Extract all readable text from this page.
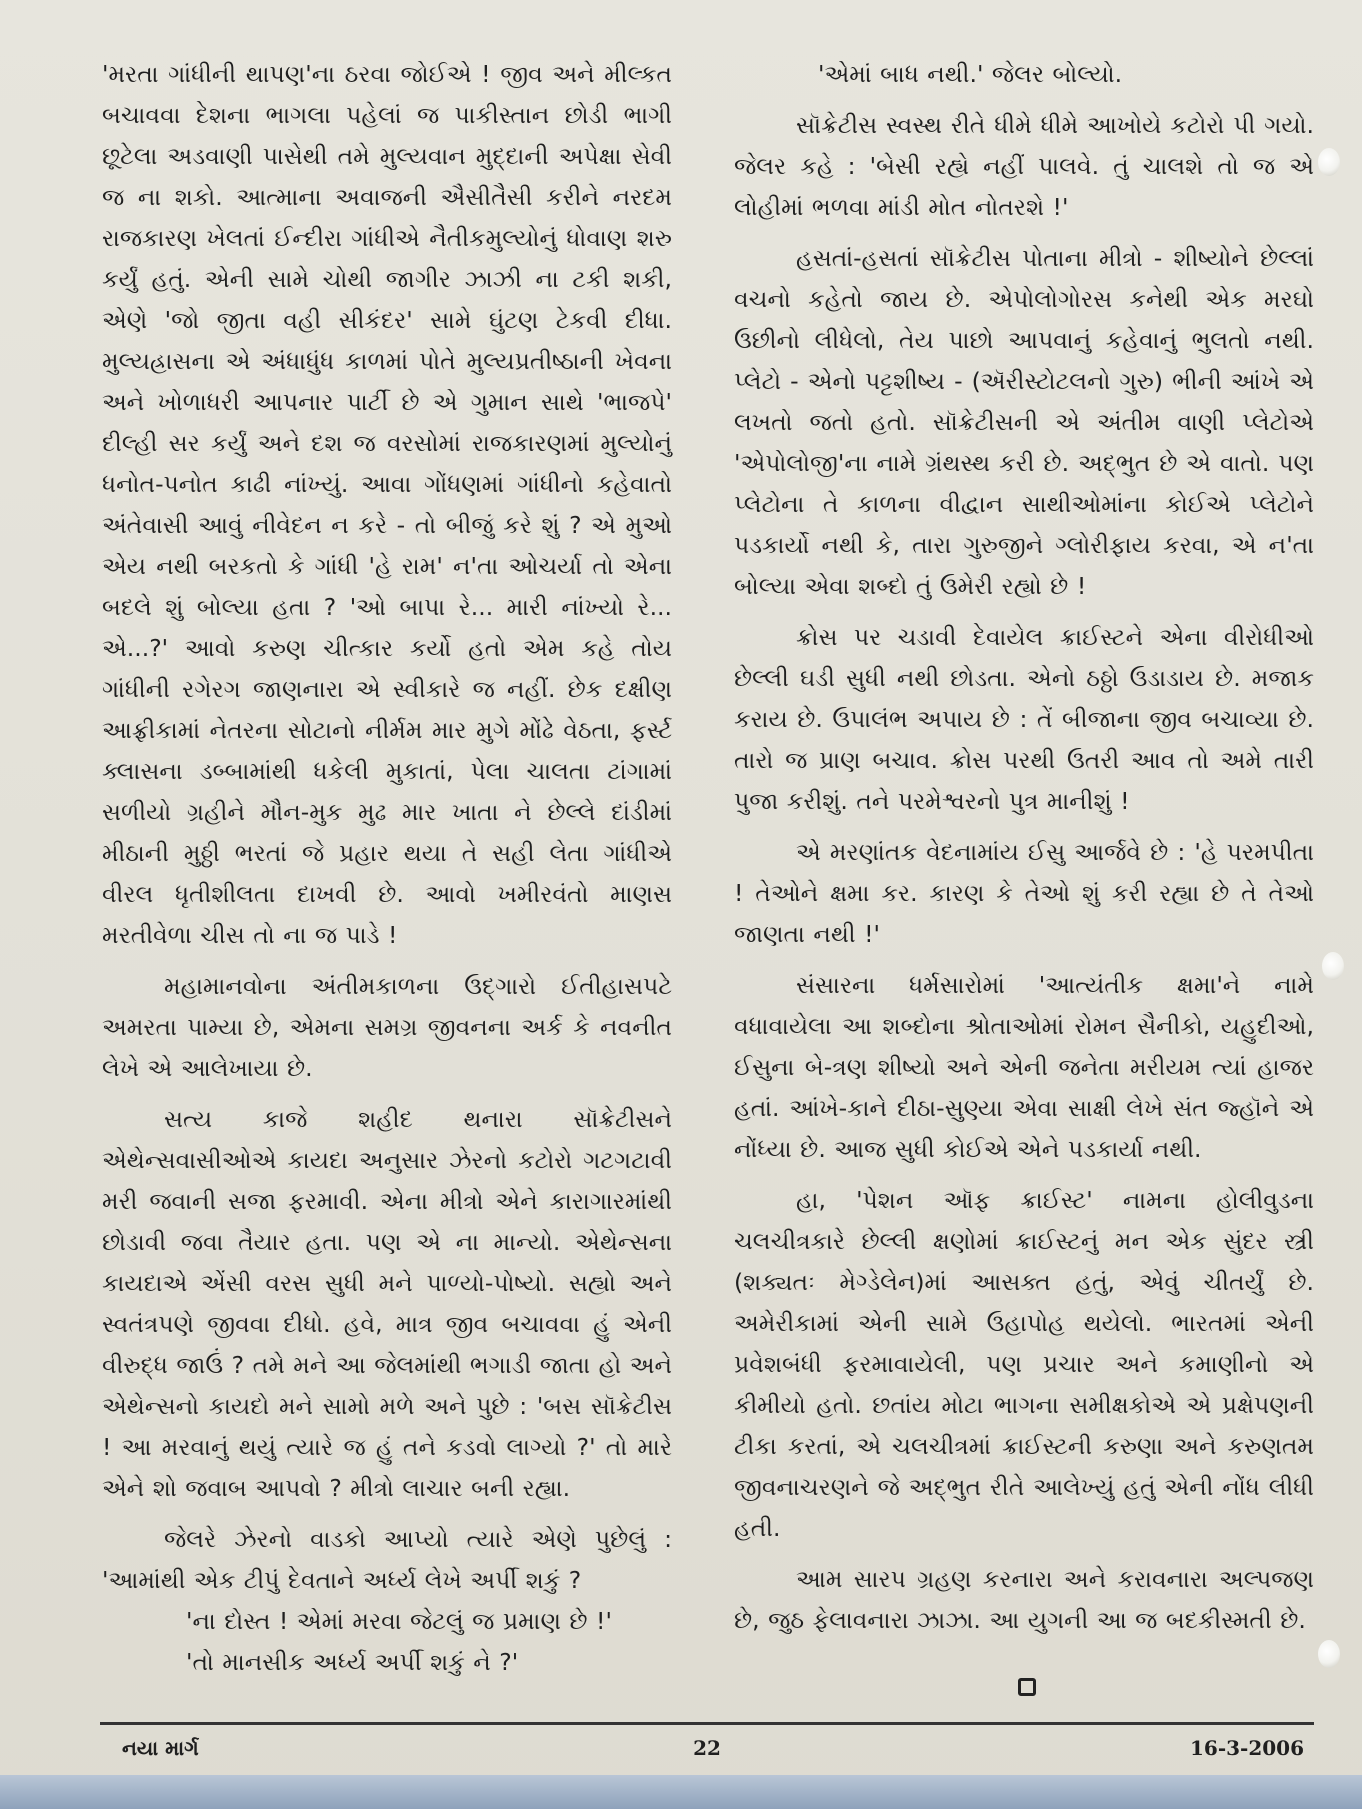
'મરતા ગાંધીની થાપણ'ના ઠરવા જોઈએ ! જીવ અને મીલ્કત બચાવવા દેશના ભાગલા પહેલાં જ પાકીસ્તાન છોડી ભાગી છૂટેલા અડવાણી પાસેથી તમે મુલ્યવાન મુદ્દાની અપેક્ષા સેવી જ ના શકો. આત્માના અવાજની ઐસીતૈસી કરીને નરદમ રાજકારણ ખેલતાં ઈન્દીરા ગાંધીએ નૈતીકમુલ્યોનું ધોવાણ શરુ કર્યું હતું. એની સામે ચોથી જાગીર ઝાઝી ના ટકી શકી, એણે 'જો જીતા વહી સીકંદર' સામે ઘુંટણ ટેકવી દીધા. મુલ્યહ્રાસના એ અંધાધુંધ કાળમાં પોતે મુલ્યપ્રતીષ્ઠાની ખેવના અને ખોળાધરી આપનાર પાર્ટી છે એ ગુમાન સાથે 'ભાજપે' દીલ્હી સર કર્યું અને દશ જ વરસોમાં રાજકારણમાં મુલ્યોનું ધનોત-પનોત કાઢી નાંખ્યું. આવા ગોંધણમાં ગાંધીનો કહેવાતો અંતેવાસી આવું નીવેદન ન કરે - તો બીજું કરે શું ? એ મુઓ એય નથી બરકતો કે ગાંધી 'હે રામ' ન'તા ઓચર્યા તો એના બદલે શું બોલ્યા હતા ? 'ઓ બાપા રે... મારી નાંખ્યો રે... એ...?' આવો કરુણ ચીત્કાર કર્યો હતો એમ કહે તોય ગાંધીની રગેરગ જાણનારા એ સ્વીકારે જ નહીં. છેક દક્ષીણ આફ્રીકામાં નેતરના સોટાનો નીર્મમ માર મુગે મોંઢે વેઠતા, ફર્સ્ટ ક્લાસના ડબ્બામાંથી ધકેલી મુકાતાં, પેલા ચાલતા ટાંગામાં સળીયો ગ્રહીને મૌન-મુક મુઢ માર ખાતા ને છેલ્લે દાંડીમાં મીઠાની મુઠ્ઠી ભરતાં જે પ્રહાર થયા તે સહી લેતા ગાંધીએ વીરલ ધૃતીશીલતા દાખવી છે. આવો ખમીરવંતો માણસ મરતીવેળા ચીસ તો ના જ પાડે !

મહામાનવોના અંતીમકાળના ઉદ્ગારો ઈતીહાસપટે અમરતા પામ્યા છે, એમના સમગ્ર જીવનના અર્ક કે નવનીત લેખે એ આલેખાયા છે.

સત્ય કાજે શહીદ થનારા સૉક્રેટીસને એથેન્સવાસીઓએ કાયદા અનુસાર ઝેરનો કટોરો ગટગટાવી મરી જવાની સજા ફરમાવી. એના મીત્રો એને કારાગારમાંથી છોડાવી જવા તૈયાર હતા. પણ એ ના માન્યો. એથેન્સના કાયદાએ એંસી વરસ સુધી મને પાળ્યો-પોષ્યો. સહ્યો અને સ્વતંત્રપણે જીવવા દીધો. હવે, માત્ર જીવ બચાવવા હું એની વીરુદ્ધ જાઉં ? તમે મને આ જેલમાંથી ભગાડી જાતા હો અને એથેન્સનો કાયદો મને સામો મળે અને પુછે : 'બસ સૉક્રેટીસ ! આ મરવાનું થયું ત્યારે જ હું તને કડવો લાગ્યો ?' તો મારે એને શો જવાબ આપવો ? મીત્રો લાચાર બની રહ્યા.

જેલરે ઝેરનો વાડકો આપ્યો ત્યારે એણે પુછેલું : 'આમાંથી એક ટીપું દેવતાને અર્ધ્ય લેખે અર્પી શકું ?

'ના દોસ્ત ! એમાં મરવા જેટલું જ પ્રમાણ છે !'

'તો માનસીક અર્ધ્ય અર્પી શકું ને ?'

'એમાં બાધ નથી.' જેલર બોલ્યો.

સૉક્રેટીસ સ્વસ્થ રીતે ધીમે ધીમે આખોયે કટોરો પી ગયો. જેલર કહે : 'બેસી રહ્યે નહીં પાલવે. તું ચાલશે તો જ એ લોહીમાં ભળવા માંડી મોત નોતરશે !'

હસતાં-હસતાં સૉક્રેટીસ પોતાના મીત્રો - શીષ્યોને છેલ્લાં વચનો કહેતો જાય છે. એપોલોગોરસ કનેથી એક મરઘો ઉછીનો લીધેલો, તેય પાછો આપવાનું કહેવાનું ભુલતો નથી. પ્લેટો - એનો પટ્ટશીષ્ય - (ઍરીસ્ટોટલનો ગુરુ) ભીની આંખે એ લખતો જતો હતો. સૉક્રેટીસની એ અંતીમ વાણી પ્લેટોએ 'એપોલોજી'ના નામે ગ્રંથસ્થ કરી છે. અદ્ભુત છે એ વાતો. પણ પ્લેટોના તે કાળના વીદ્વાન સાથીઓમાંના કોઈએ પ્લેટોને પડકાર્યો નથી કે, તારા ગુરુજીને ગ્લોરીફાય કરવા, એ ન'તા બોલ્યા એવા શબ્દો તું ઉમેરી રહ્યો છે !

ક્રોસ પર ચડાવી દેવાયેલ ક્રાઈસ્ટને એના વીરોધીઓ છેલ્લી ઘડી સુધી નથી છોડતા. એનો ઠઠ્ઠો ઉડાડાય છે. મજાક કરાય છે. ઉપાલંભ અપાય છે : તેં બીજાના જીવ બચાવ્યા છે. તારો જ પ્રાણ બચાવ. ક્રોસ પરથી ઉતરી આવ તો અમે તારી પુજા કરીશું. તને પરમેશ્વરનો પુત્ર માનીશું !

એ મરણાંતક વેદનામાંય ઈસુ આર્જવે છે : 'હે પરમપીતા ! તેઓને ક્ષમા કર. કારણ કે તેઓ શું કરી રહ્યા છે તે તેઓ જાણતા નથી !'

સંસારના ધર્મસારોમાં 'આત્યંતીક ક્ષમા'ને નામે વધાવાયેલા આ શબ્દોના શ્રોતાઓમાં રોમન સૈનીકો, યહુદીઓ, ઈસુના બે-ત્રણ શીષ્યો અને એની જનેતા મરીયમ ત્યાં હાજર હતાં. આંખે-કાને દીઠા-સુણ્યા એવા સાક્ષી લેખે સંત જ્હૉને એ નોંધ્યા છે. આજ સુધી કોઈએ એને પડકાર્યા નથી.

હા, 'પેશન ઑફ ક્રાઈસ્ટ' નામના હોલીવુડના ચલચીત્રકારે છેલ્લી ક્ષણોમાં ક્રાઈસ્ટનું મન એક સુંદર સ્ત્રી (શક્યતઃ મેગ્ડેલેન)માં આસક્ત હતું, એવું ચીતર્યું છે. અમેરીકામાં એની સામે ઉહાપોહ થયેલો. ભારતમાં એની પ્રવેશબંધી ફરમાવાયેલી, પણ પ્રચાર અને કમાણીનો એ કીમીયો હતો. છતાંય મોટા ભાગના સમીક્ષકોએ એ પ્રક્ષેપણની ટીકા કરતાં, એ ચલચીત્રમાં ક્રાઈસ્ટની કરુણા અને કરુણતમ જીવનાચરણને જે અદ્ભુત રીતે આલેખ્યું હતું એની નોંધ લીધી હતી.

આમ સારપ ગ્રહણ કરનારા અને કરાવનારા અલ્પજણ છે, જુઠ ફેલાવનારા ઝાઝા. આ યુગની આ જ બદકીસ્મતી છે.

નયા માર્ગ	22	16-3-2006
